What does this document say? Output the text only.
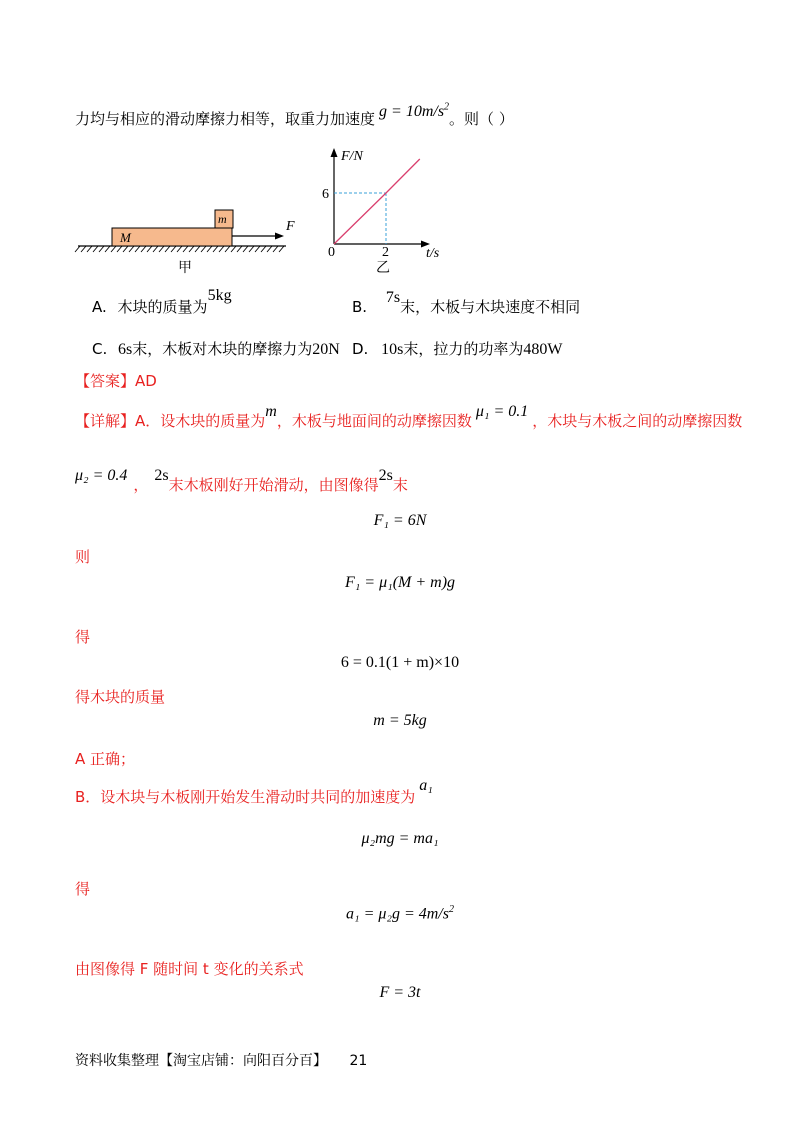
力均与相应的滑动摩擦力相等，取重力加速度 $g = 10m/s^2$。则（ ）
M
m	F
甲
F/N
t/s
0
6
2
乙
A. 木块的质量为5kg
B. 7s末，木板与木块速度不相同
C. 6s末，木板对木块的摩擦力为20N D. 10s末，拉力的功率为480W
【答案】AD
【详解】A．设木块的质量为m，木板与地面间的动摩擦因数μ₁ = 0.1，木块与木板之间的动摩擦因数
μ₂ = 0.4，2s末木板刚好开始滑动，由图像得2s末
F₁ = 6N
则
F₁ = μ₁(M + m)g
得
6 = 0.1(1 + m)×10
得木块的质量
m = 5kg
A 正确；
B．设木块与木板刚开始发生滑动时共同的加速度为a₁
μ₂mg = ma₁
得
$a_1 = \mu_2g = 4m/s^2$
由图像得 F 随时间 t 变化的关系式
F = 3t
资料收集整理【淘宝店铺：向阳百分百】 21
